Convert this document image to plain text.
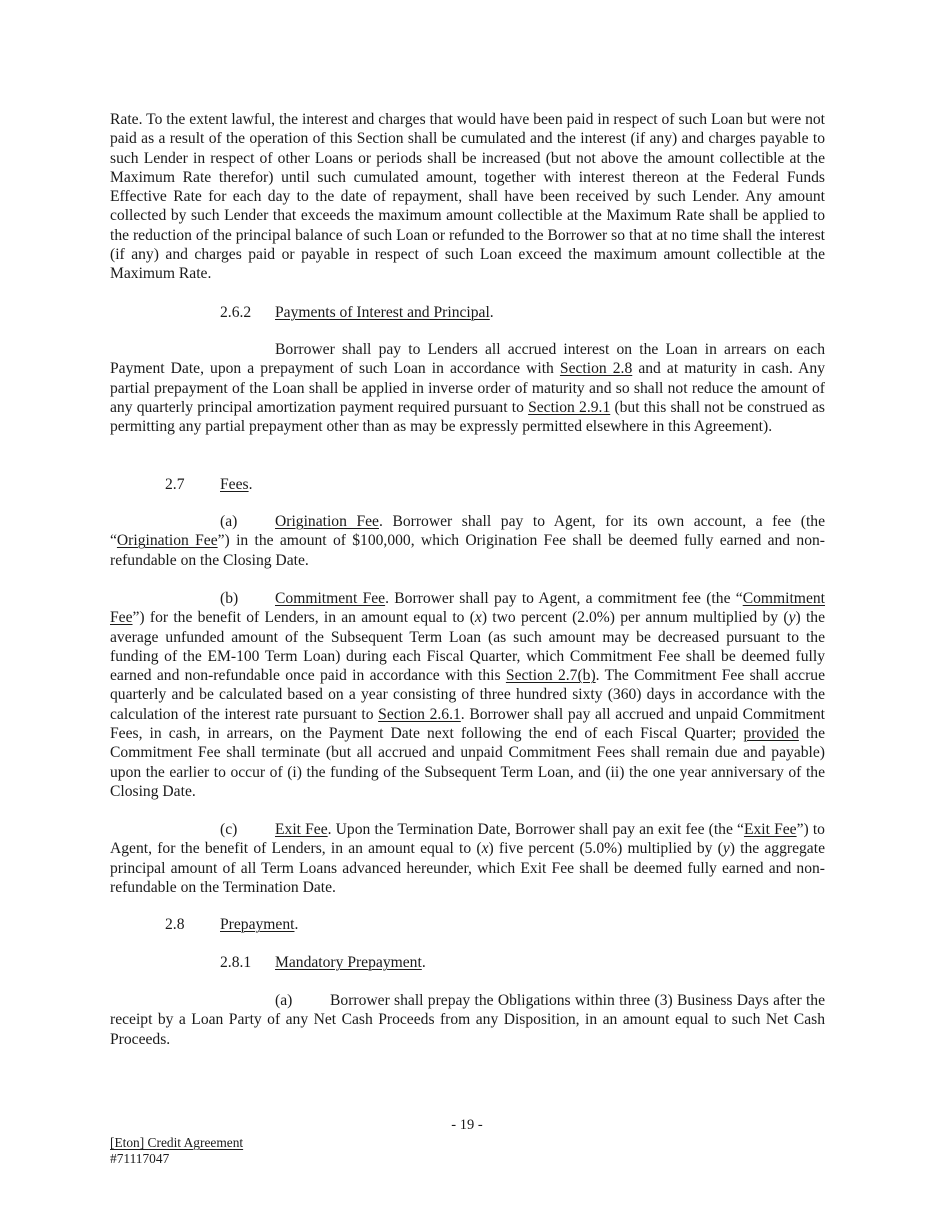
Rate. To the extent lawful, the interest and charges that would have been paid in respect of such Loan but were not paid as a result of the operation of this Section shall be cumulated and the interest (if any) and charges payable to such Lender in respect of other Loans or periods shall be increased (but not above the amount collectible at the Maximum Rate therefor) until such cumulated amount, together with interest thereon at the Federal Funds Effective Rate for each day to the date of repayment, shall have been received by such Lender. Any amount collected by such Lender that exceeds the maximum amount collectible at the Maximum Rate shall be applied to the reduction of the principal balance of such Loan or refunded to the Borrower so that at no time shall the interest (if any) and charges paid or payable in respect of such Loan exceed the maximum amount collectible at the Maximum Rate.
2.6.2 Payments of Interest and Principal.
Borrower shall pay to Lenders all accrued interest on the Loan in arrears on each Payment Date, upon a prepayment of such Loan in accordance with Section 2.8 and at maturity in cash. Any partial prepayment of the Loan shall be applied in inverse order of maturity and so shall not reduce the amount of any quarterly principal amortization payment required pursuant to Section 2.9.1 (but this shall not be construed as permitting any partial prepayment other than as may be expressly permitted elsewhere in this Agreement).
2.7 Fees.
(a) Origination Fee. Borrower shall pay to Agent, for its own account, a fee (the “Origination Fee”) in the amount of $100,000, which Origination Fee shall be deemed fully earned and non-refundable on the Closing Date.
(b) Commitment Fee. Borrower shall pay to Agent, a commitment fee (the “Commitment Fee”) for the benefit of Lenders, in an amount equal to (x) two percent (2.0%) per annum multiplied by (y) the average unfunded amount of the Subsequent Term Loan (as such amount may be decreased pursuant to the funding of the EM-100 Term Loan) during each Fiscal Quarter, which Commitment Fee shall be deemed fully earned and non-refundable once paid in accordance with this Section 2.7(b). The Commitment Fee shall accrue quarterly and be calculated based on a year consisting of three hundred sixty (360) days in accordance with the calculation of the interest rate pursuant to Section 2.6.1. Borrower shall pay all accrued and unpaid Commitment Fees, in cash, in arrears, on the Payment Date next following the end of each Fiscal Quarter; provided the Commitment Fee shall terminate (but all accrued and unpaid Commitment Fees shall remain due and payable) upon the earlier to occur of (i) the funding of the Subsequent Term Loan, and (ii) the one year anniversary of the Closing Date.
(c) Exit Fee. Upon the Termination Date, Borrower shall pay an exit fee (the “Exit Fee”) to Agent, for the benefit of Lenders, in an amount equal to (x) five percent (5.0%) multiplied by (y) the aggregate principal amount of all Term Loans advanced hereunder, which Exit Fee shall be deemed fully earned and non-refundable on the Termination Date.
2.8 Prepayment.
2.8.1 Mandatory Prepayment.
(a) Borrower shall prepay the Obligations within three (3) Business Days after the receipt by a Loan Party of any Net Cash Proceeds from any Disposition, in an amount equal to such Net Cash Proceeds.
- 19 -
[Eton] Credit Agreement
#71117047
